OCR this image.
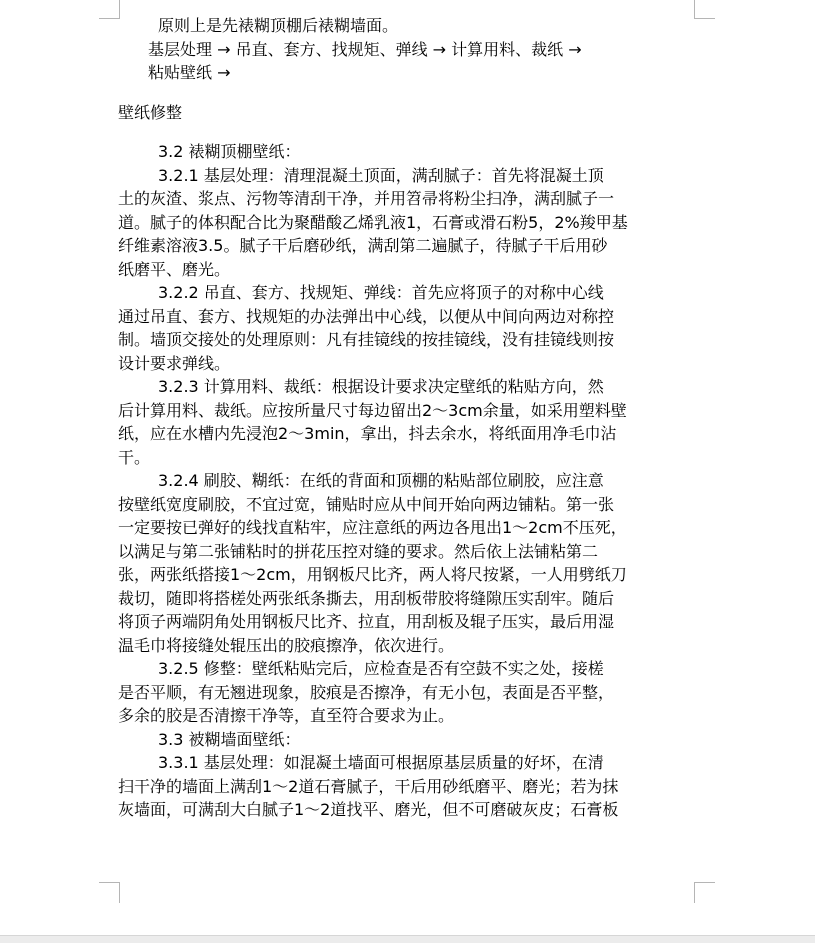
原则上是先裱糊顶棚后裱糊墙面。
基层处理 → 吊直、套方、找规矩、弹线 → 计算用料、裁纸 →
粘贴壁纸 →
壁纸修整
3.2 裱糊顶棚壁纸：
3.2.1 基层处理：清理混凝土顶面，满刮腻子：首先将混凝土顶
土的灰渣、浆点、污物等清刮干净，并用笤帚将粉尘扫净，满刮腻子一
道。腻子的体积配合比为聚醋酸乙烯乳液1，石膏或滑石粉5，2%羧甲基
纤维素溶液3.5。腻子干后磨砂纸，满刮第二遍腻子，待腻子干后用砂
纸磨平、磨光。
3.2.2 吊直、套方、找规矩、弹线：首先应将顶子的对称中心线
通过吊直、套方、找规矩的办法弹出中心线，以便从中间向两边对称控
制。墙顶交接处的处理原则：凡有挂镜线的按挂镜线，没有挂镜线则按
设计要求弹线。
3.2.3 计算用料、裁纸：根据设计要求决定壁纸的粘贴方向，然
后计算用料、裁纸。应按所量尺寸每边留出2～3cm余量，如采用塑料壁
纸，应在水槽内先浸泡2～3min，拿出，抖去余水，将纸面用净毛巾沾
干。
3.2.4 刷胶、糊纸：在纸的背面和顶棚的粘贴部位刷胶，应注意
按壁纸宽度刷胶，不宜过宽，铺贴时应从中间开始向两边铺粘。第一张
一定要按已弹好的线找直粘牢，应注意纸的两边各甩出1～2cm不压死，
以满足与第二张铺粘时的拼花压控对缝的要求。然后依上法铺粘第二
张，两张纸搭接1～2cm，用钢板尺比齐，两人将尺按紧，一人用劈纸刀
裁切，随即将搭槎处两张纸条撕去，用刮板带胶将缝隙压实刮牢。随后
将顶子两端阴角处用钢板尺比齐、拉直，用刮板及辊子压实，最后用湿
温毛巾将接缝处辊压出的胶痕擦净，依次进行。
3.2.5 修整：壁纸粘贴完后，应检查是否有空鼓不实之处，接槎
是否平顺，有无翘进现象，胶痕是否擦净，有无小包，表面是否平整，
多余的胶是否清擦干净等，直至符合要求为止。
3.3 被糊墙面壁纸：
3.3.1 基层处理：如混凝土墙面可根据原基层质量的好坏，在清
扫干净的墙面上满刮1～2道石膏腻子，干后用砂纸磨平、磨光；若为抹
灰墙面，可满刮大白腻子1～2道找平、磨光，但不可磨破灰皮；石膏板
